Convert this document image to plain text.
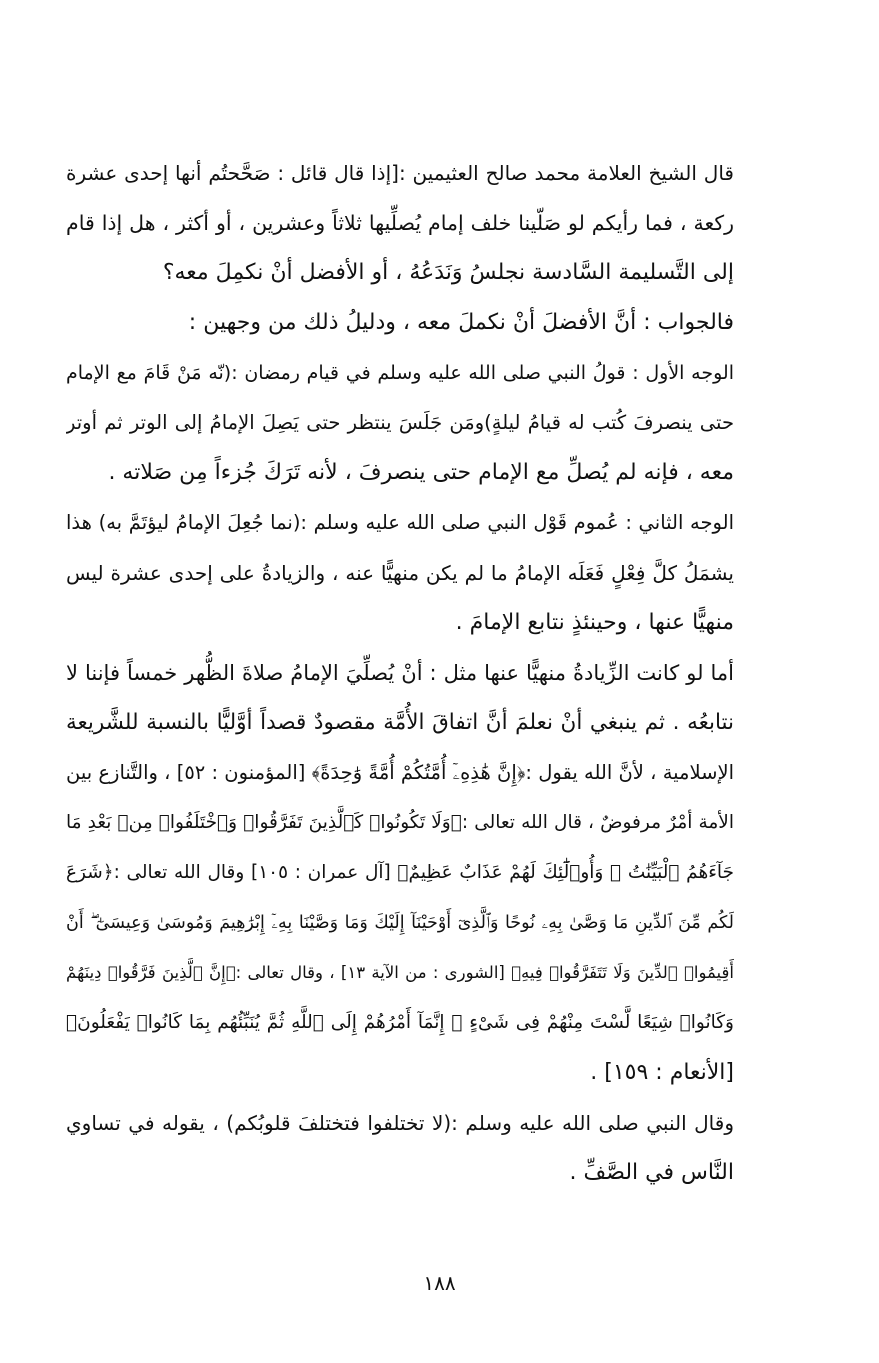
قال الشيخ العلامة محمد صالح العثيمين :[إذا قال قائل : صَحَّحتُم أنها إحدى عشرة
ركعة ، فما رأيكم لو صَلّينا خلف إمام يُصلِّيها ثلاثاً وعشرين ، أو أكثر ، هل إذا قام
إلى التَّسليمة السَّادسة نجلسُ وَنَدَعُهُ ، أو الأفضل أنْ نكمِلَ معه؟
فالجواب : أنَّ الأفضلَ أنْ نكملَ معه ، ودليلُ ذلك من وجهين :
الوجه الأول : قولُ النبي صلى الله عليه وسلم في قيام رمضان :(نّه مَنْ قَامَ مع الإمام
حتى ينصرفَ كُتب له قيامُ ليلةٍ)ومَن جَلَسَ ينتظر حتى يَصِلَ الإمامُ إلى الوتر ثم أوتر
معه ، فإنه لم يُصلِّ مع الإمام حتى ينصرفَ ، لأنه تَرَكَ جُزءاً مِن صَلاته .
الوجه الثاني : عُموم قَوْل النبي صلى الله عليه وسلم :(نما جُعِلَ الإمامُ ليؤتَمَّ به) هذا
يشمَلُ كلَّ فِعْلٍ فَعَلَه الإمامُ ما لم يكن منهيًّا عنه ، والزيادةُ على إحدى عشرة ليس
منهيًّا عنها ، وحينئذٍ نتابع الإمامَ .
أما لو كانت الزِّيادةُ منهيًّا عنها مثل : أنْ يُصلِّيَ الإمامُ صلاةَ الظُّهر خمساً فإننا لا
نتابعُه . ثم ينبغي أنْ نعلمَ أنَّ اتفاقَ الأُمَّة مقصودٌ قصداً أوَّليًّا بالنسبة للشَّريعة
الإسلامية ، لأنَّ الله يقول :﴿إِنَّ هَٰذِهِۦٓ أُمَّتُكُمْ أُمَّةً وَٰحِدَةً﴾ [المؤمنون : ٥٢] ، والتَّنازع بين
الأمة أمْرٌ مرفوضٌ ، قال الله تعالى :﴿وَلَا تَكُونُوا۟ كَٱلَّذِينَ تَفَرَّقُوا۟ وَٱخْتَلَفُوا۟ مِنۢ بَعْدِ مَا
جَآءَهُمُ ٱلْبَيِّنَٰتُ ۚ وَأُو۟لَٰٓئِكَ لَهُمْ عَذَابٌ عَظِيمٌ﴾ [آل عمران : ١٠٥] وقال الله تعالى :﴿شَرَعَ
لَكُم مِّنَ ٱلدِّينِ مَا وَصَّىٰ بِهِۦ نُوحًا وَٱلَّذِىٓ أَوْحَيْنَآ إِلَيْكَ وَمَا وَصَّيْنَا بِهِۦٓ إِبْرَٰهِيمَ وَمُوسَىٰ وَعِيسَىٰٓ ۖ أَنْ
أَقِيمُوا۟ ٱلدِّينَ وَلَا تَتَفَرَّقُوا۟ فِيهِ﴾ [الشورى : من الآية ١٣] ، وقال تعالى :﴿إِنَّ ٱلَّذِينَ فَرَّقُوا۟ دِينَهُمْ
وَكَانُوا۟ شِيَعًا لَّسْتَ مِنْهُمْ فِى شَىْءٍ ۚ إِنَّمَآ أَمْرُهُمْ إِلَى ٱللَّهِ ثُمَّ يُنَبِّئُهُم بِمَا كَانُوا۟ يَفْعَلُونَ﴾
[الأنعام : ١٥٩] .
وقال النبي صلى الله عليه وسلم :(لا تختلفوا فتختلفَ قلوبُكم) ، يقوله في تساوي
النَّاس في الصَّفِّ .
١٨٨
